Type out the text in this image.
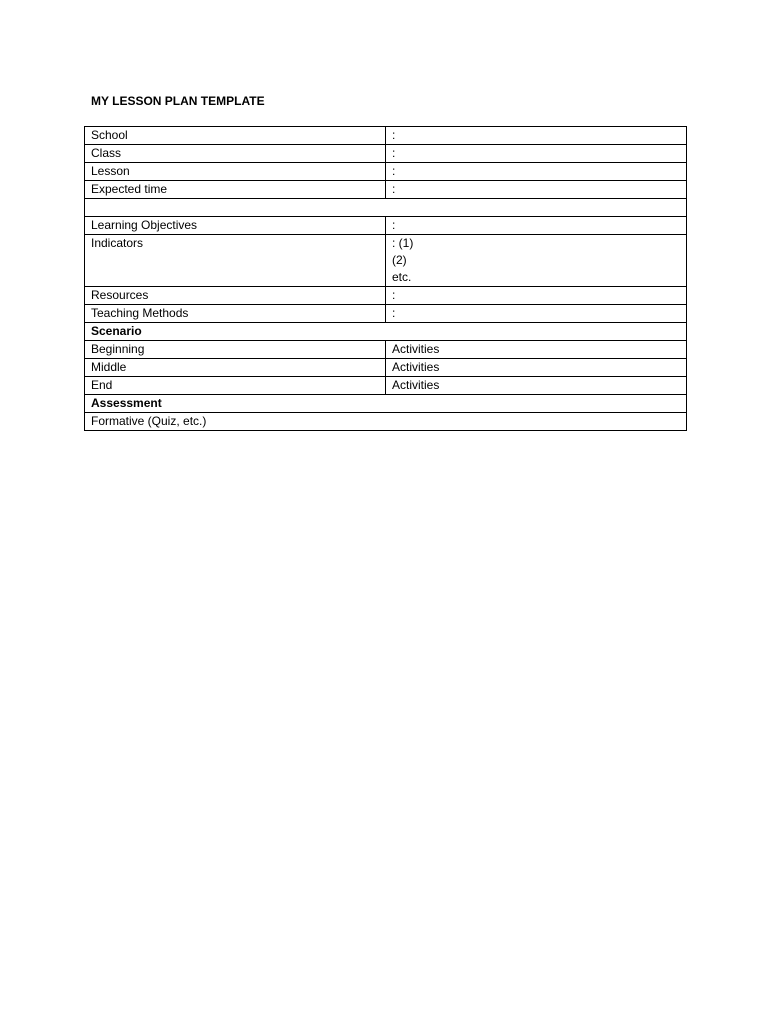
MY LESSON PLAN TEMPLATE
School	:
Class	:
Lesson	:
Expected time	:

Learning Objectives	:
Indicators	: (1)
(2)
etc.

Resources	:
Teaching Methods	:
Scenario	
Beginning	Activities
Middle	Activities
End	Activities
Assessment	
Formative (Quiz, etc.)	
